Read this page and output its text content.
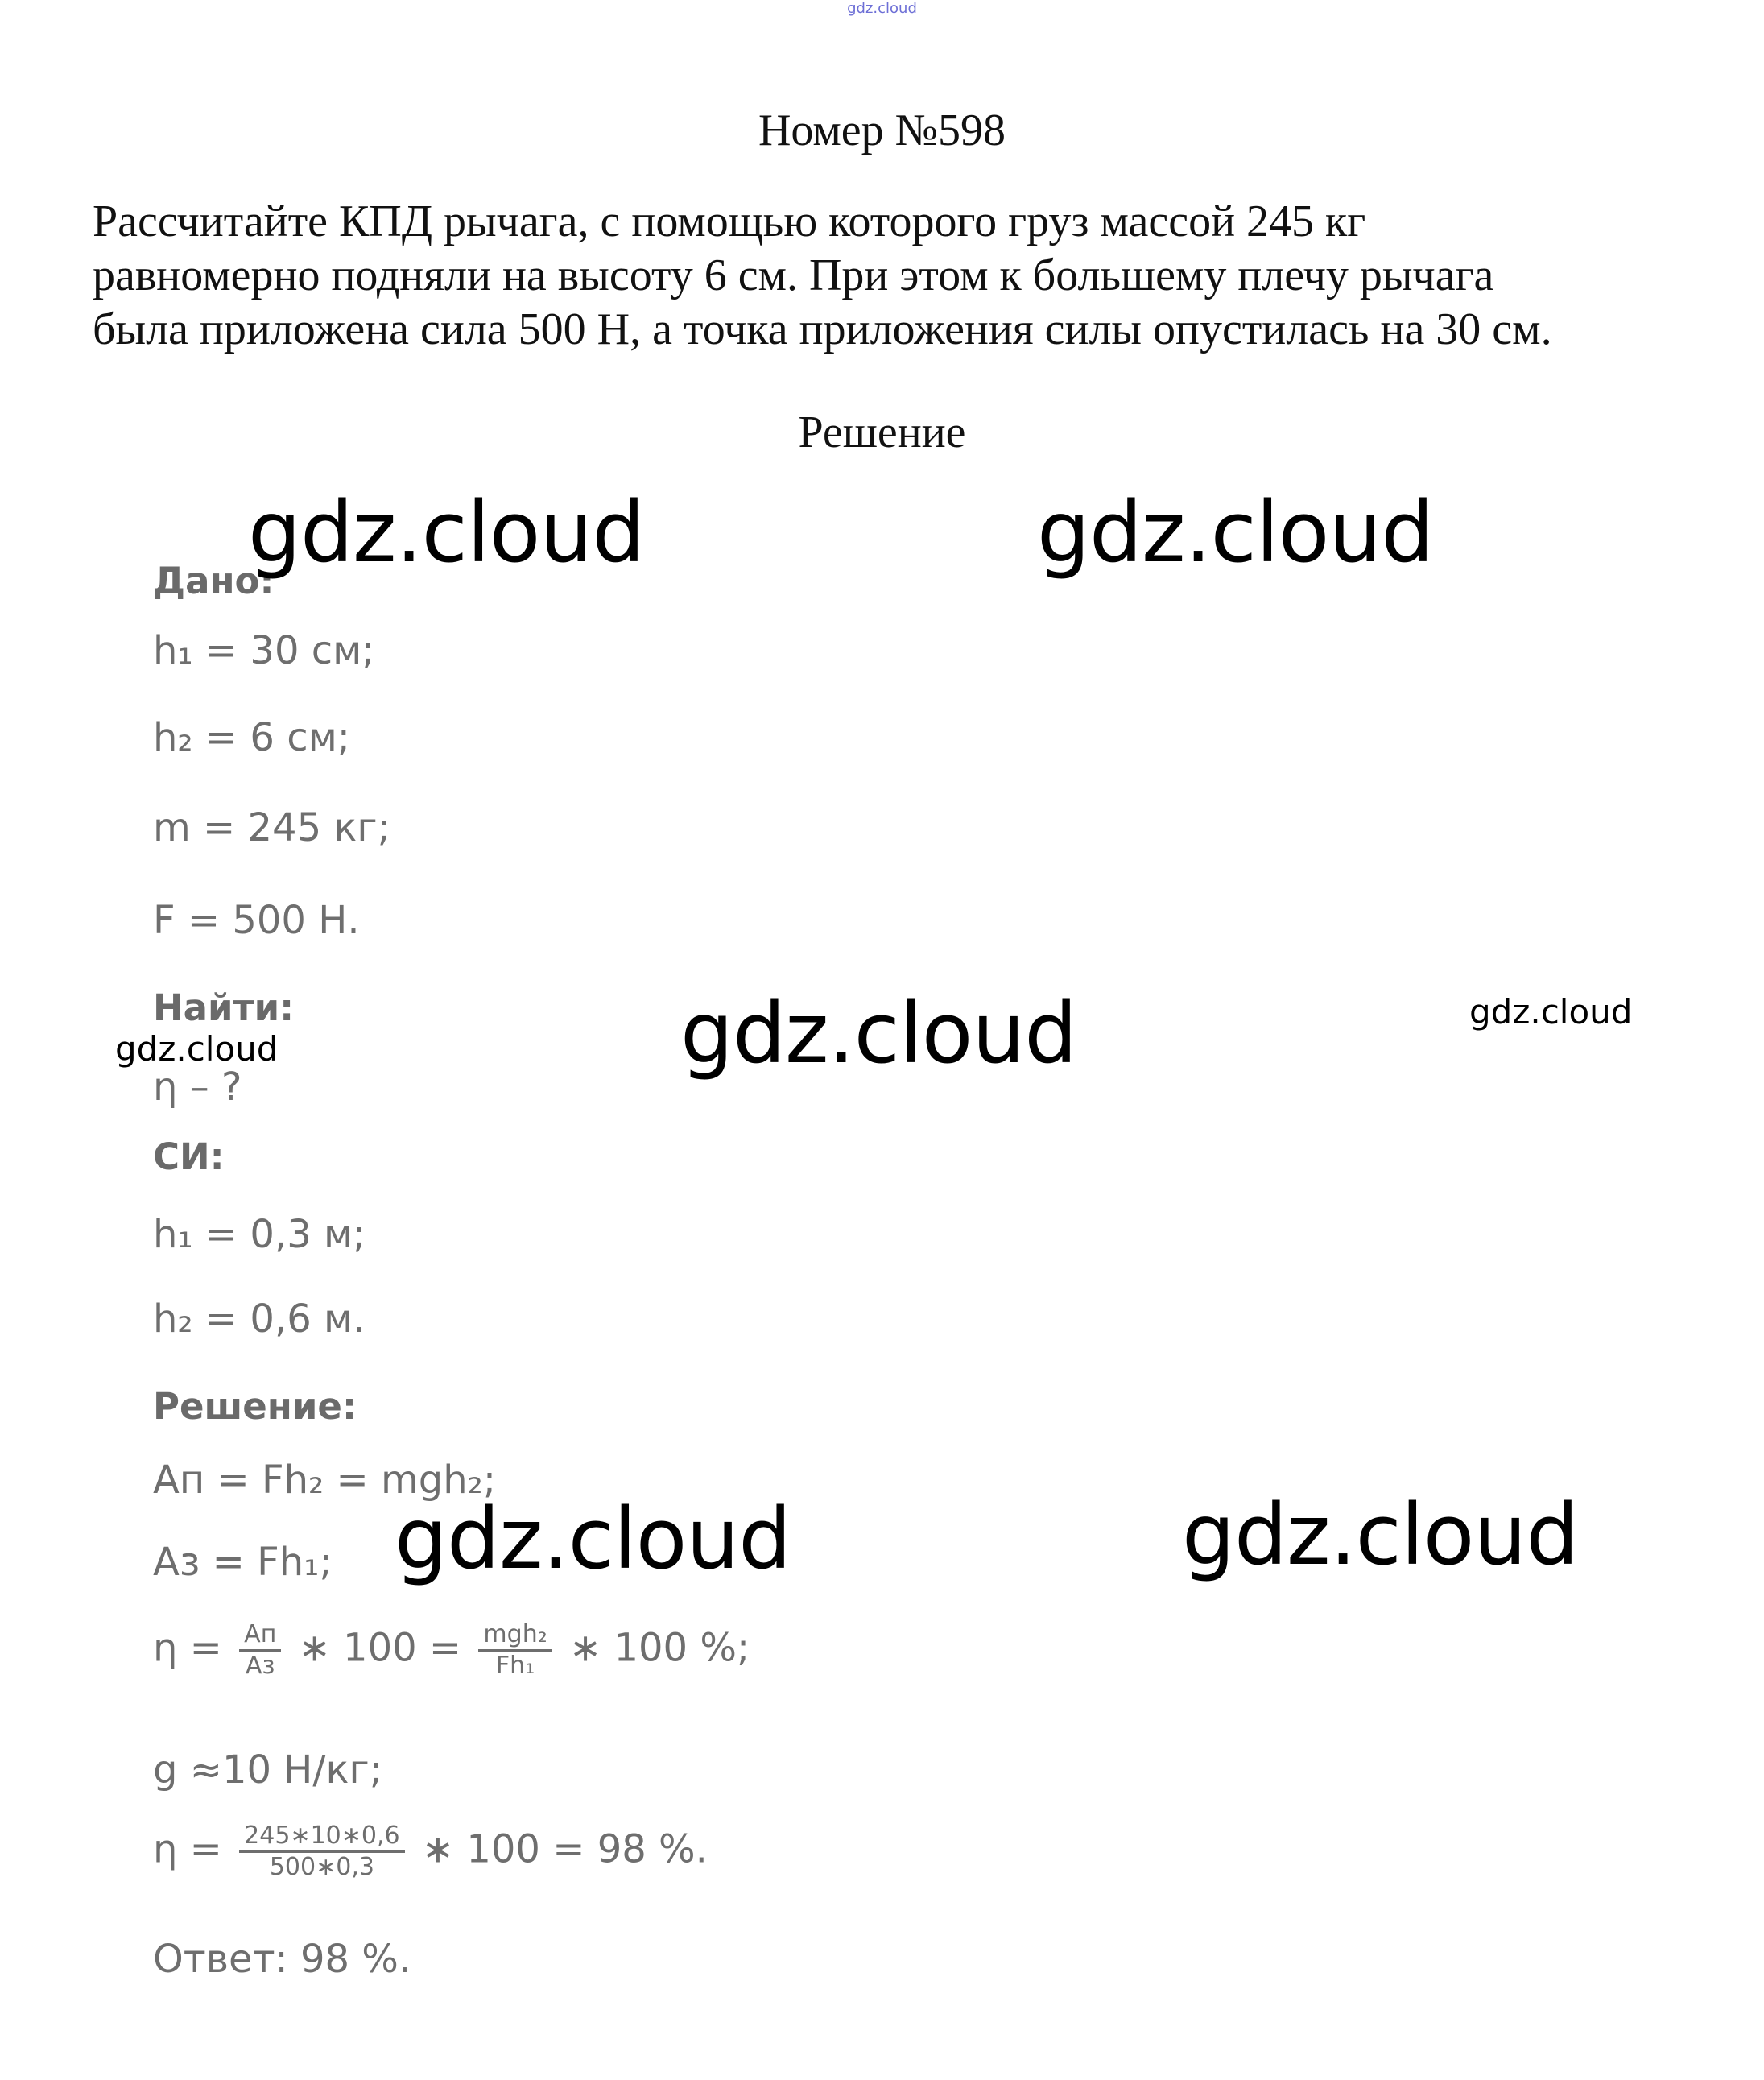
gdz.cloud
Номер №598
Рассчитайте КПД рычага, с помощью которого груз массой 245 кг
равномерно подняли на высоту 6 см. При этом к большему плечу рычага
была приложена сила 500 Н, а точка приложения силы опустилась на 30 см.
Решение
Дано:
h₁ = 30 см;
h₂ = 6 см;
m = 245 кг;
F = 500 Н.
Найти:
η – ?
СИ:
h₁ = 0,3 м;
h₂ = 0,6 м.
Решение:
Aп = Fh₂ = mgh₂;
Aз = Fh₁;
$\eta = \frac{Aп}{Aз}$ ∗ $100 = \frac{\text{mgh₂}}{\text{Fh₁}}$ ∗ 100 %;
g ≈10 Н/кг;
$\eta = \frac{245∗10∗0,6}{500∗0,3}$ ∗ 100 = 98 %.
Ответ: 98 %.
gdz.cloud	gdz.cloud
gdz.cloud	gdz.cloud
gdz.cloud
gdz.cloud	gdz.cloud
